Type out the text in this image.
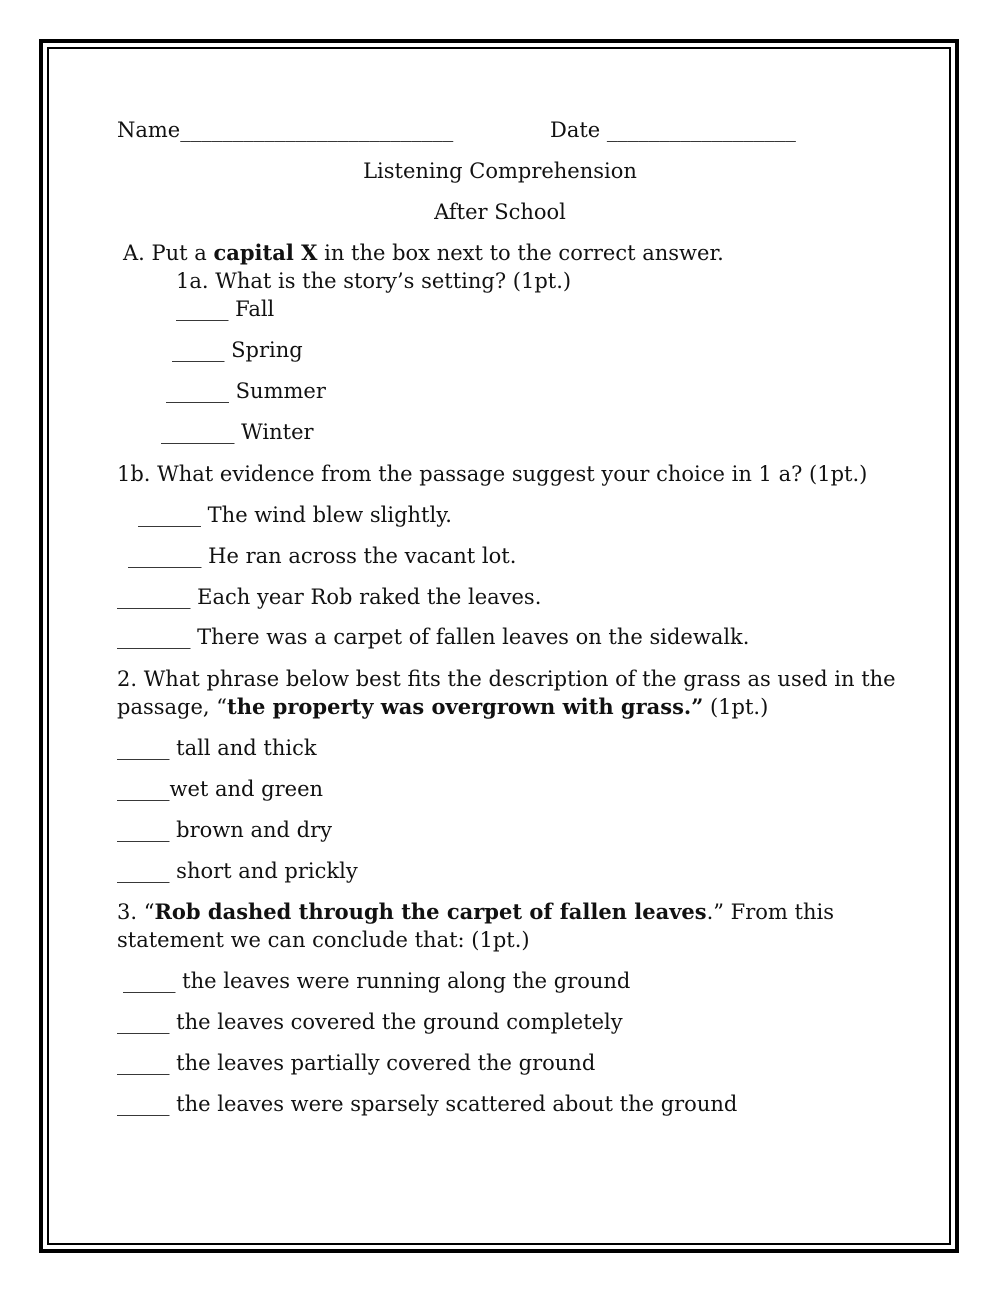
Name__________________________	Date __________________
Listening Comprehension
After School
A. Put a capital X in the box next to the correct answer.
1a. What is the story’s setting? (1pt.)
_____ Fall
_____ Spring
______ Summer
_______ Winter
1b. What evidence from the passage suggest your choice in 1 a? (1pt.)
______ The wind blew slightly.
_______ He ran across the vacant lot.
_______ Each year Rob raked the leaves.
_______ There was a carpet of fallen leaves on the sidewalk.
2. What phrase below best fits the description of the grass as used in the
passage, “the property was overgrown with grass.” (1pt.)
_____ tall and thick
_____wet and green
_____ brown and dry
_____ short and prickly
3. “Rob dashed through the carpet of fallen leaves.” From this
statement we can conclude that: (1pt.)
_____ the leaves were running along the ground
_____ the leaves covered the ground completely
_____ the leaves partially covered the ground
_____ the leaves were sparsely scattered about the ground
